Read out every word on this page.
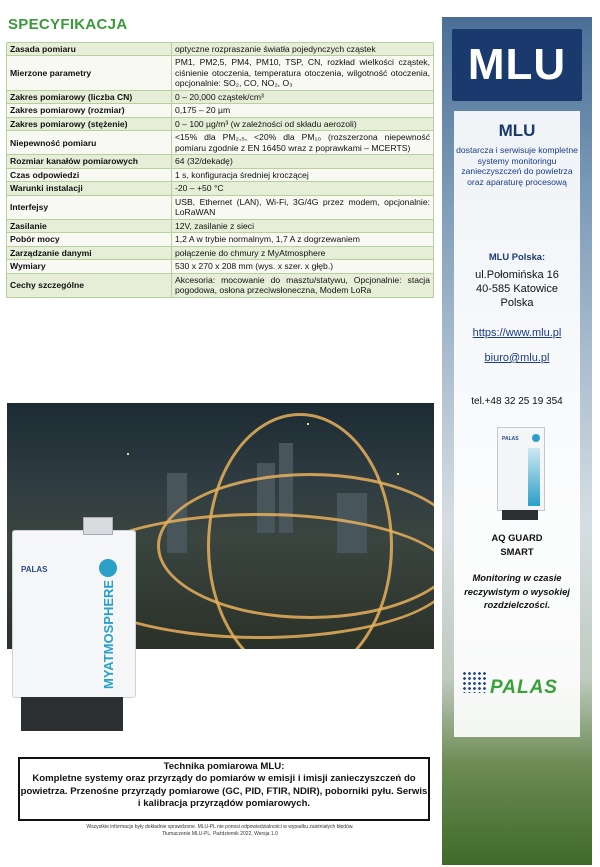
SPECYFIKACJA
Zasada pomiaru	optyczne rozpraszanie światła pojedynczych cząstek
Mierzone parametry	PM1, PM2,5, PM4, PM10, TSP, CN, rozkład wielkości cząstek, ciśnienie otoczenia, temperatura otoczenia, wilgotność otoczenia, opcjonalnie: SO₂, CO, NO₂, O₃
Zakres pomiarowy (liczba CN)	0 – 20,000 cząstek/cm³
Zakres pomiarowy (rozmiar)	0,175 – 20 µm
Zakres pomiarowy (stężenie)	0 – 100 µg/m³ (w zależności od składu aerozoli)
Niepewność pomiaru	<15% dla PM₂,₅, <20% dla PM₁₀ (rozszerzona niepewność pomiaru zgodnie z EN 16450 wraz z poprawkami – MCERTS)
Rozmiar kanałów pomiarowych	64 (32/dekadę)
Czas odpowiedzi	1 s, konfiguracja średniej kroczącej
Warunki instalacji	-20 – +50 °C
Interfejsy	USB, Ethernet (LAN), Wi-Fi, 3G/4G przez modem, opcjonalnie: LoRaWAN
Zasilanie	12V, zasilanie z sieci
Pobór mocy	1,2 A w trybie normalnym, 1,7 A z dogrzewaniem
Zarządzanie danymi	połączenie do chmury z MyAtmosphere
Wymiary	530 x 270 x 208 mm (wys. x szer. x głęb.)
Cechy szczególne	Akcesoria: mocowanie do masztu/statywu, Opcjonalnie: stacja pogodowa, osłona przeciwsłoneczna, Modem LoRa
PALAS
MYATMOSPHERE
Technika pomiarowa MLU:
Kompletne systemy oraz przyrządy do pomiarów w emisji i imisji zanieczyszczeń do powietrza. Przenośne przyrządy pomiarowe (GC, PID, FTIR, NDIR), poborniki pyłu. Serwis i kalibracja przyrządów pomiarowych.
Wszystkie informacje były dokładnie sprawdzone. MLU-PL nie ponosi odpowiedzialności w wypadku zaistniałych błędów.
Tłumaczenie MLU-PL, Październik 2022, Wersja 1.0
MLU
MLU
dostarcza i serwisuje kompletne systemy monitoringu zanieczyszczeń do powietrza oraz aparaturę procesową
MLU Polska:
ul.Połomińska 16
40-585 Katowice
Polska
https://www.mlu.pl
biuro@mlu.pl
tel.+48 32 25 19 354
PALAS
AQ GUARD
SMART
Monitoring w czasie reczywistym o wysokiej rozdzielczości.
PALAS
